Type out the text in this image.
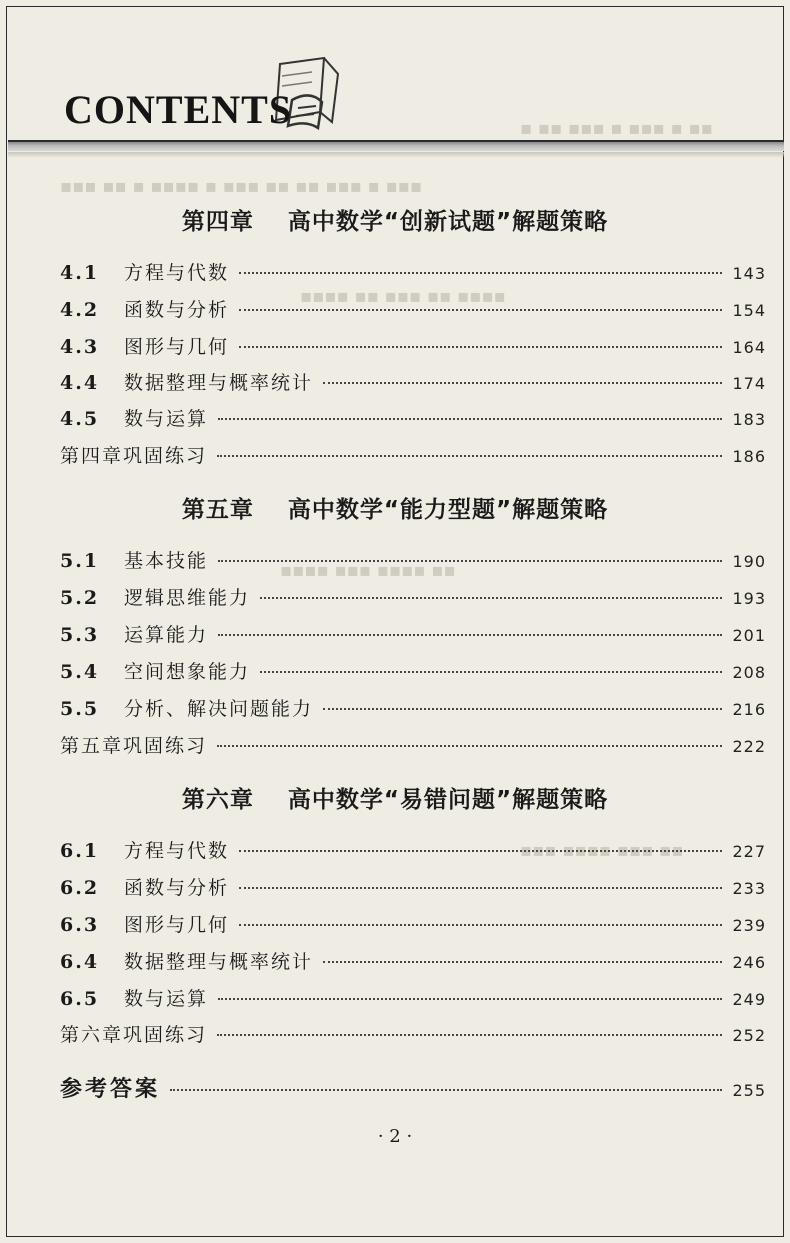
CONTENTS	▪ ▪▪ ▪▪▪ ▪ ▪▪▪ ▪ ▪▪
▪▪▪ ▪▪ ▪ ▪▪▪▪ ▪ ▪▪▪ ▪▪ ▪▪ ▪▪▪ ▪ ▪▪▪
▪▪▪▪ ▪▪ ▪▪▪ ▪▪ ▪▪▪▪
▪▪▪▪ ▪▪▪ ▪▪▪▪ ▪▪
▪▪▪ ▪▪▪▪ ▪▪▪ ▪▪
第四章 高中数学“创新试题”解题策略
4.1	方程与代数	143
4.2	函数与分析	154
4.3	图形与几何	164
4.4	数据整理与概率统计	174
4.5	数与运算	183
第四章巩固练习	186
第五章 高中数学“能力型题”解题策略
5.1	基本技能	190
5.2	逻辑思维能力	193
5.3	运算能力	201
5.4	空间想象能力	208
5.5	分析、解决问题能力	216
第五章巩固练习	222
第六章 高中数学“易错问题”解题策略
6.1	方程与代数	227
6.2	函数与分析	233
6.3	图形与几何	239
6.4	数据整理与概率统计	246
6.5	数与运算	249
第六章巩固练习	252
参考答案	255
· 2 ·
